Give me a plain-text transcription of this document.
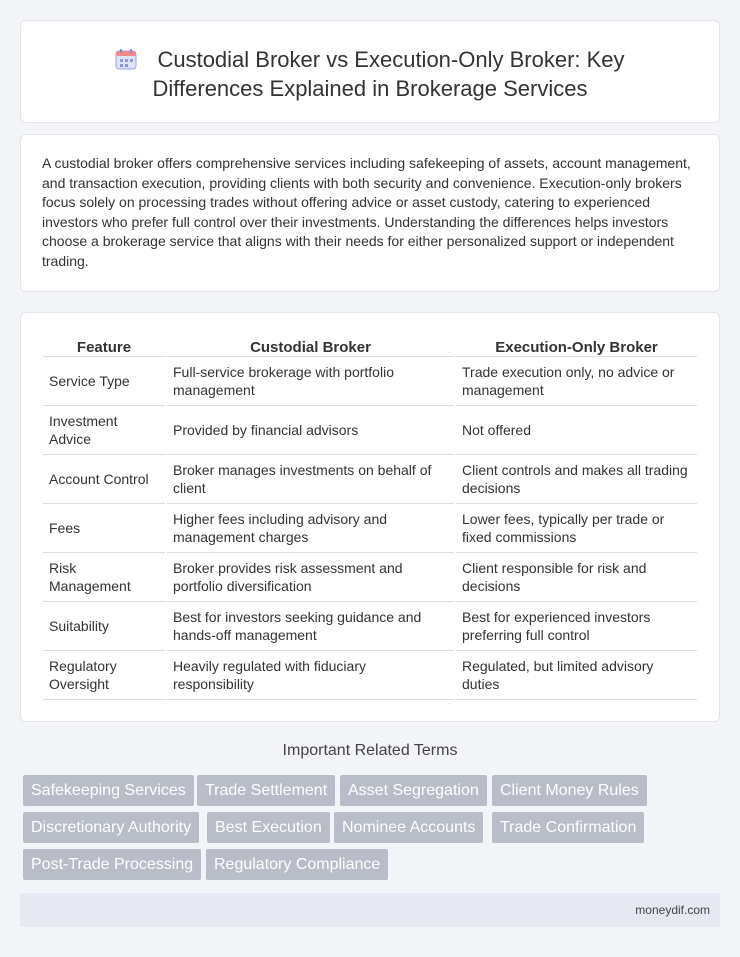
Custodial Broker vs Execution-Only Broker: Key
Differences Explained in Brokerage Services

A custodial broker offers comprehensive services including safekeeping of assets, account management, and transaction execution, providing clients with both security and convenience. Execution-only brokers focus solely on processing trades without offering advice or asset custody, catering to experienced investors who prefer full control over their investments. Understanding the differences helps investors choose a brokerage service that aligns with their needs for either personalized support or independent trading.

Feature	Custodial Broker	Execution-Only Broker
Service Type	Full-service brokerage with portfolio management	Trade execution only, no advice or management
Investment Advice	Provided by financial advisors	Not offered
Account Control	Broker manages investments on behalf of client	Client controls and makes all trading decisions
Fees	Higher fees including advisory and management charges	Lower fees, typically per trade or fixed commissions
Risk Management	Broker provides risk assessment and portfolio diversification	Client responsible for risk and decisions
Suitability	Best for investors seeking guidance and hands-off management	Best for experienced investors preferring full control
Regulatory Oversight	Heavily regulated with fiduciary responsibility	Regulated, but limited advisory duties
Important Related Terms
Safekeeping Services	Trade Settlement	Asset Segregation	Client Money Rules
Discretionary Authority	Best Execution	Nominee Accounts	Trade Confirmation
Post-Trade Processing	Regulatory Compliance
moneydif.com
